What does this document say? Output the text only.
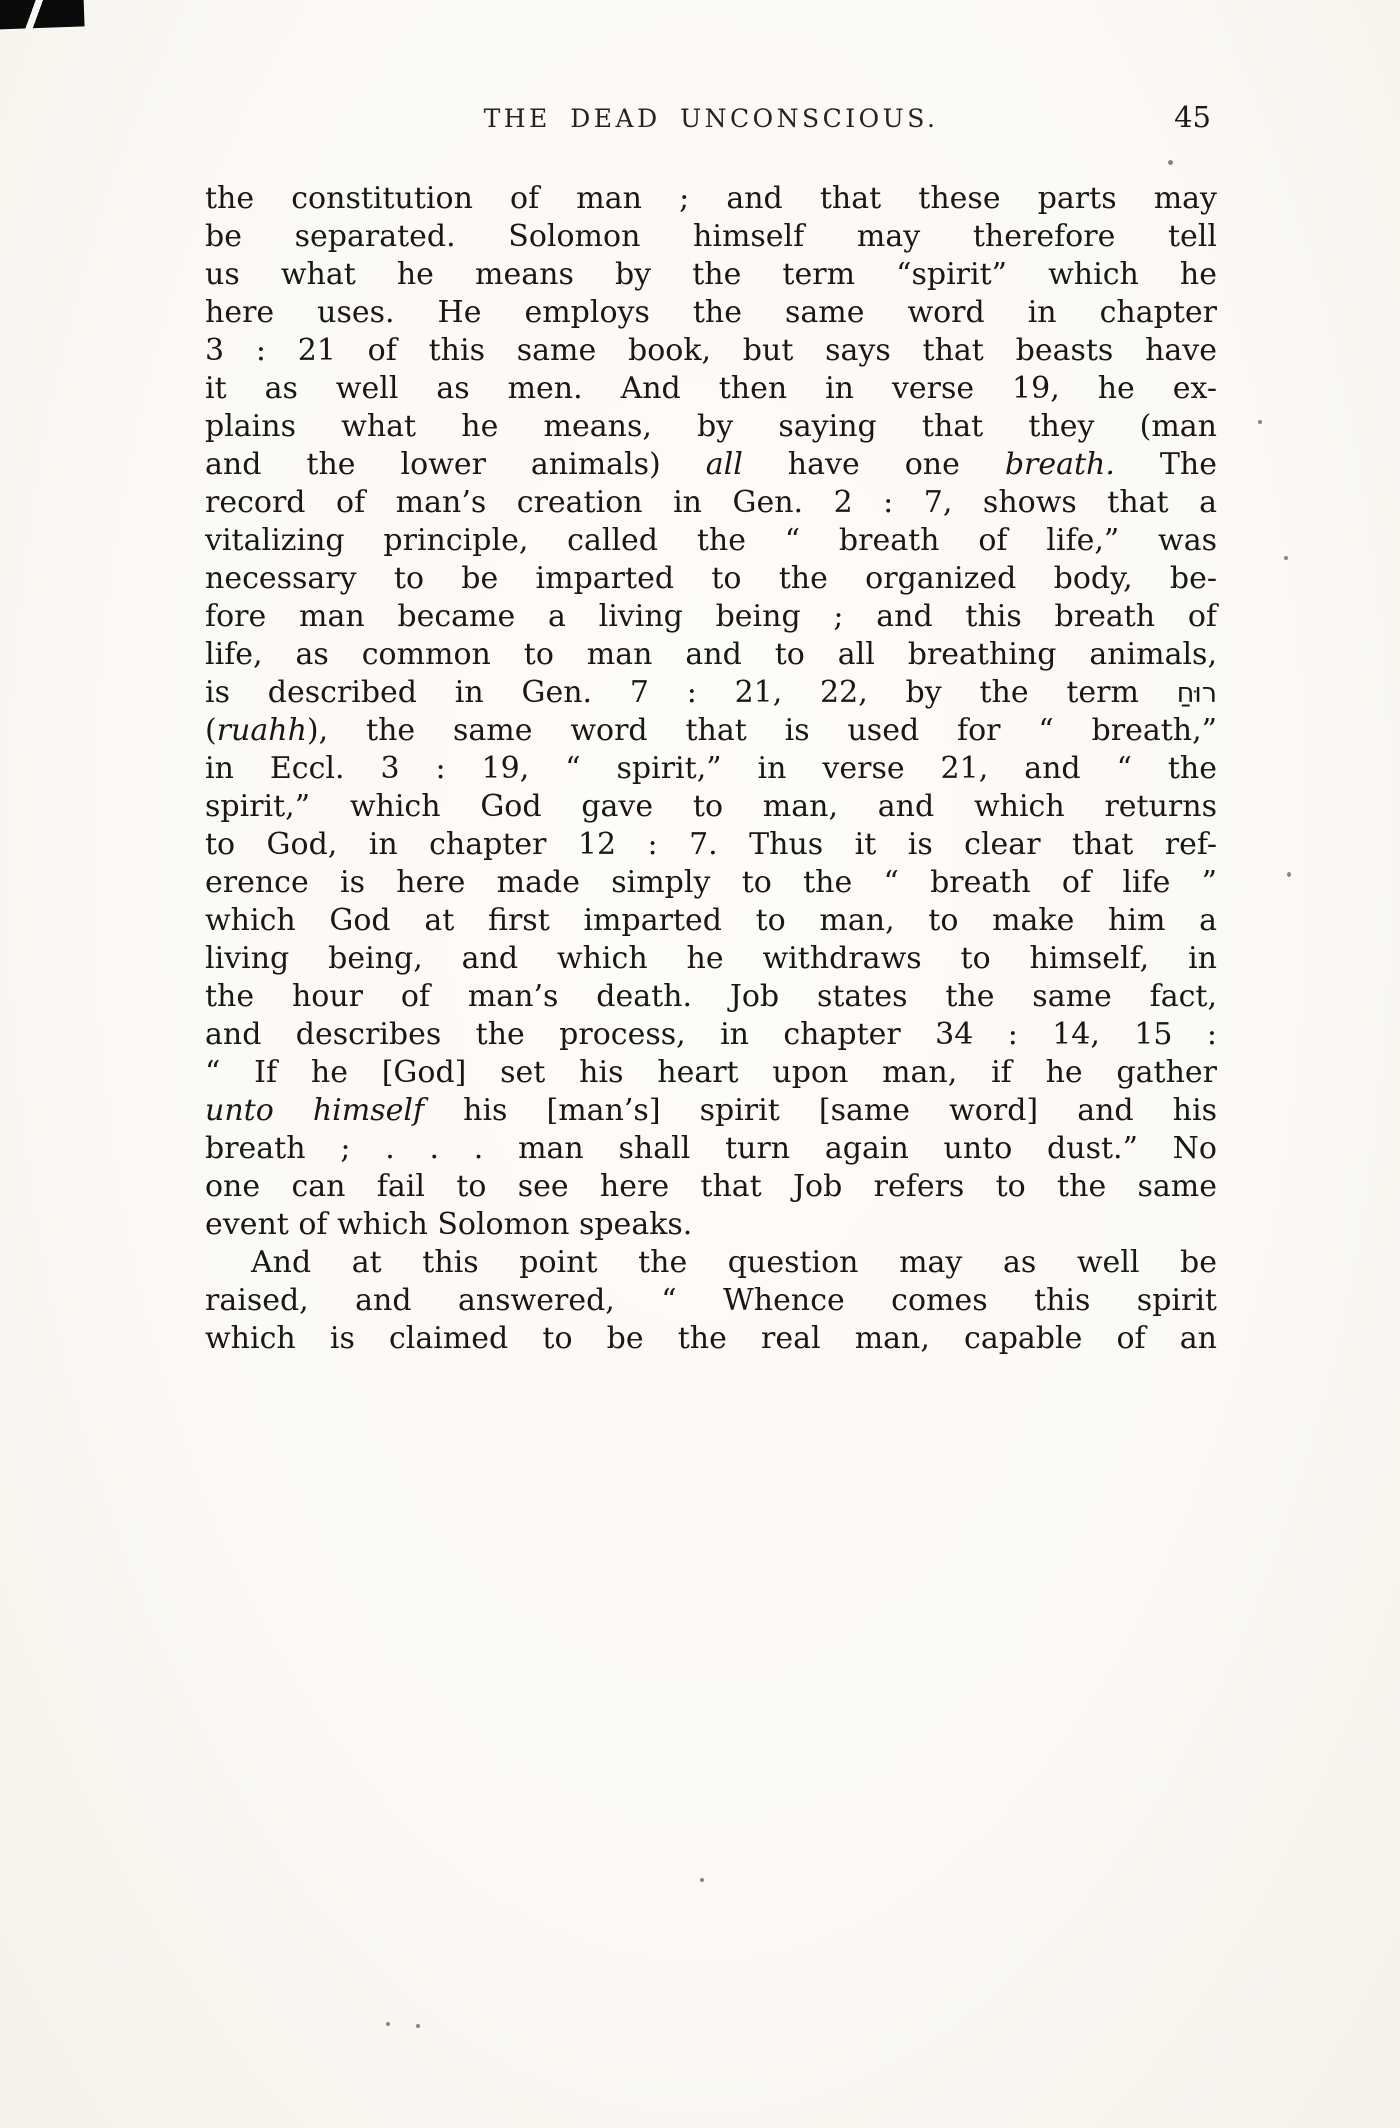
THE DEAD UNCONSCIOUS.	45
the constitution of man ; and that these parts may
be separated. Solomon himself may therefore tell
us what he means by the term “spirit” which he
here uses. He employs the same word in chapter
3 : 21 of this same book, but says that beasts have
it as well as men. And then in verse 19, he ex-
plains what he means, by saying that they (man
and the lower animals) all have one breath. The
record of man’s creation in Gen. 2 : 7, shows that a
vitalizing principle, called the “ breath of life,” was
necessary to be imparted to the organized body, be-
fore man became a living being ; and this breath of
life, as common to man and to all breathing animals,
is described in Gen. 7 : 21, 22, by the term רוּחַ
(ruahh), the same word that is used for “ breath,”
in Eccl. 3 : 19, “ spirit,” in verse 21, and “ the
spirit,” which God gave to man, and which returns
to God, in chapter 12 : 7. Thus it is clear that ref-
erence is here made simply to the “ breath of life ”
which God at first imparted to man, to make him a
living being, and which he withdraws to himself, in
the hour of man’s death. Job states the same fact,
and describes the process, in chapter 34 : 14, 15 :
“ If he [God] set his heart upon man, if he gather
unto himself his [man’s] spirit [same word] and his
breath ; . . . man shall turn again unto dust.” No
one can fail to see here that Job refers to the same
event of which Solomon speaks.
And at this point the question may as well be
raised, and answered, “ Whence comes this spirit
which is claimed to be the real man, capable of an
